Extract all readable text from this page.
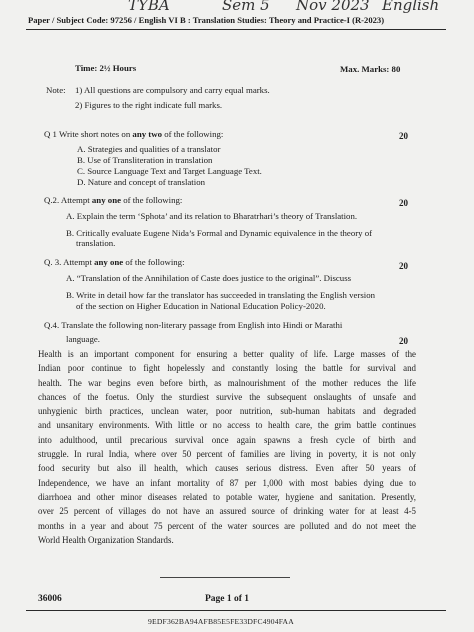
TYBA	Sem 5 Nov 2023 English
Paper / Subject Code: 97256 / English VI B : Translation Studies: Theory and Practice-I (R-2023)
Time: 2½ Hours	Max. Marks: 80
Note: 1) All questions are compulsory and carry equal marks.
2) Figures to the right indicate full marks.
Q 1 Write short notes on any two of the following:	20
A. Strategies and qualities of a translator
B. Use of Transliteration in translation
C. Source Language Text and Target Language Text.
D. Nature and concept of translation
Q.2. Attempt any one of the following:	20
A. Explain the term ‘Sphota’ and its relation to Bharatrhari’s theory of Translation.
B. Critically evaluate Eugene Nida’s Formal and Dynamic equivalence in the theory of
translation.
Q. 3. Attempt any one of the following:	20
A. “Translation of the Annihilation of Caste does justice to the original”. Discuss
B. Write in detail how far the translator has succeeded in translating the English version
of the section on Higher Education in National Education Policy-2020.
Q.4. Translate the following non-literary passage from English into Hindi or Marathi
language.	20
Health is an important component for ensuring a better quality of life. Large masses of the
Indian poor continue to fight hopelessly and constantly losing the battle for survival and
health. The war begins even before birth, as malnourishment of the mother reduces the life
chances of the foetus. Only the sturdiest survive the subsequent onslaughts of unsafe and
unhygienic birth practices, unclean water, poor nutrition, sub-human habitats and degraded
and unsanitary environments. With little or no access to health care, the grim battle continues
into adulthood, until precarious survival once again spawns a fresh cycle of birth and
struggle. In rural India, where over 50 percent of families are living in poverty, it is not only
food security but also ill health, which causes serious distress. Even after 50 years of
Independence, we have an infant mortality of 87 per 1,000 with most babies dying due to
diarrhoea and other minor diseases related to potable water, hygiene and sanitation. Presently,
over 25 percent of villages do not have an assured source of drinking water for at least 4-5
months in a year and about 75 percent of the water sources are polluted and do not meet the
World Health Organization Standards.
36006	Page 1 of 1
9EDF362BA94AFB85E5FE33DFC4904FAA
